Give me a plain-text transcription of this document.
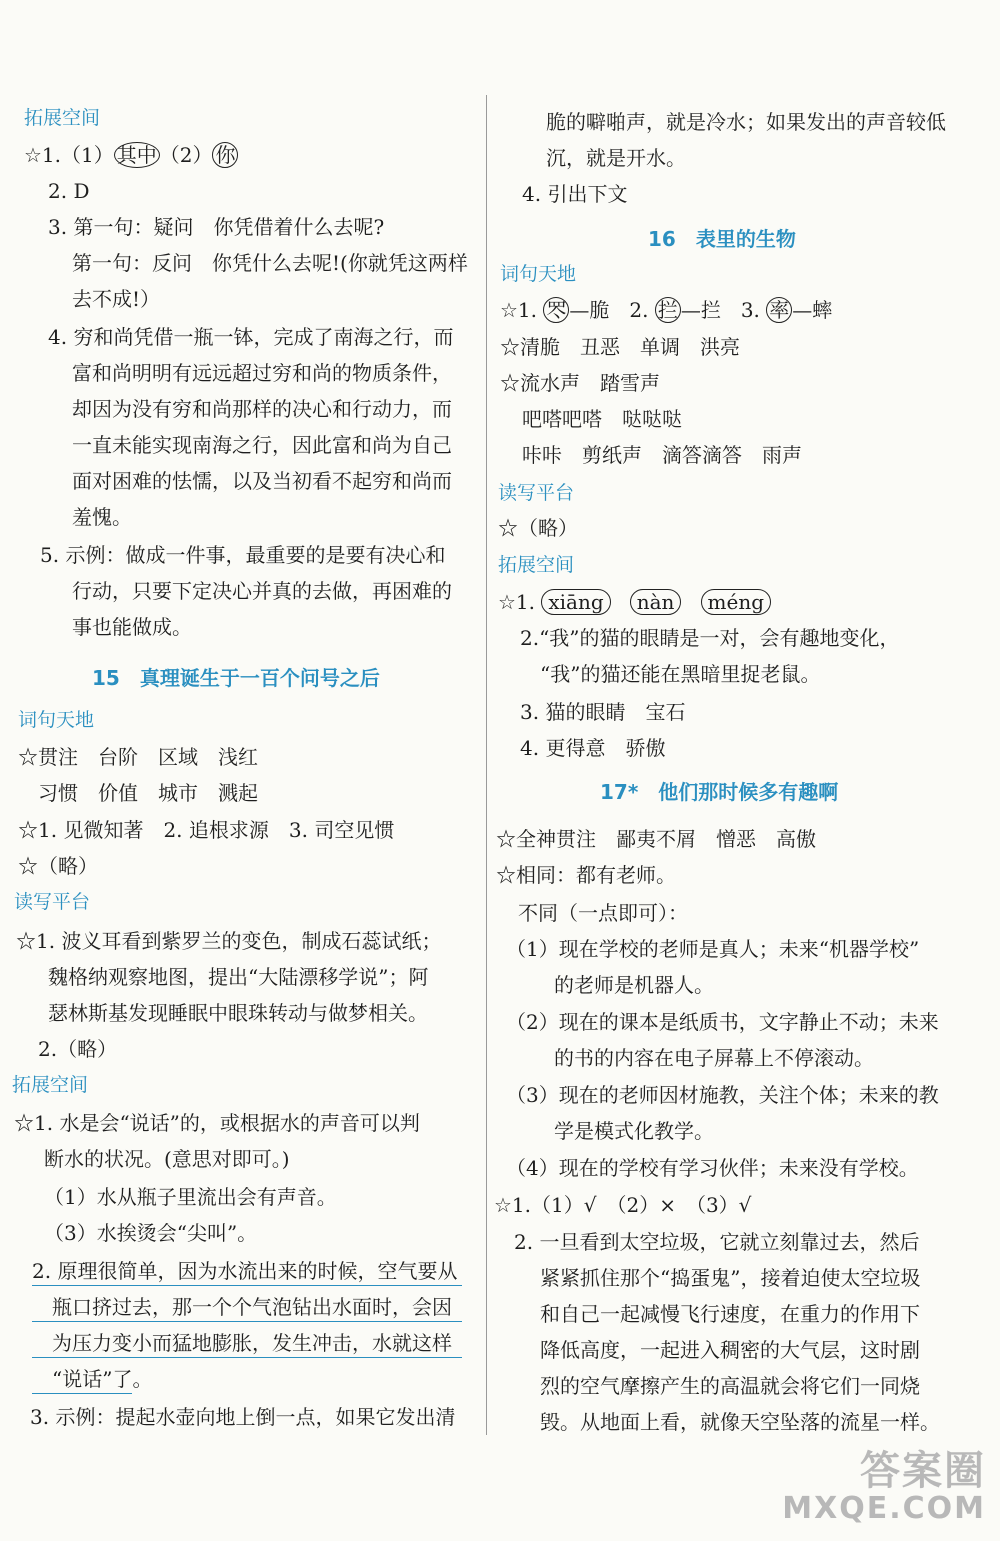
拓展空间
☆1.（1） 其中 （2） 你
2. D
3. 第一句：疑问　你凭借着什么去呢?
第一句：反问　你凭什么去呢!(你就凭这两样
去不成!）
4. 穷和尚凭借一瓶一钵，完成了南海之行，而
富和尚明明有远远超过穷和尚的物质条件，
却因为没有穷和尚那样的决心和行动力，而
一直未能实现南海之行，因此富和尚为自己
面对困难的怯懦，以及当初看不起穷和尚而
羞愧。
5. 示例：做成一件事，最重要的是要有决心和
行动，只要下定决心并真的去做，再困难的
事也能做成。
15　真理诞生于一百个问号之后
词句天地
☆贯注　台阶　区域　浅红
习惯　价值　城市　溅起
☆1. 见微知著　2. 追根求源　3. 司空见惯
☆（略）
读写平台
☆1. 波义耳看到紫罗兰的变色，制成石蕊试纸；
魏格纳观察地图，提出“大陆漂移学说”；阿
瑟林斯基发现睡眠中眼珠转动与做梦相关。
2.（略）
拓展空间
☆1. 水是会“说话”的，或根据水的声音可以判
断水的状况。(意思对即可。)
（1）水从瓶子里流出会有声音。
（3）水挨烫会“尖叫”。
2. 原理很简单，因为水流出来的时候，空气要从
瓶口挤过去，那一个个气泡钻出水面时，会因
为压力变小而猛地膨胀，发生冲击，水就这样
“说话”了。
3. 示例：提起水壶向地上倒一点，如果它发出清
脆的噼啪声，就是冷水；如果发出的声音较低
沉，就是开水。
4. 引出下文
16　表里的生物
词句天地
☆1. 罖 —脆　2. 拦 —拦　3. 率 —蟀
☆清脆　丑恶　单调　洪亮
☆流水声　踏雪声
吧嗒吧嗒　哒哒哒
咔咔　剪纸声　滴答滴答　雨声
读写平台
☆（略）
拓展空间
☆1. xiāng nàn méng
2.“我”的猫的眼睛是一对，会有趣地变化，
“我”的猫还能在黑暗里捉老鼠。
3. 猫的眼睛　宝石
4. 更得意　骄傲
17*　他们那时候多有趣啊
☆全神贯注　鄙夷不屑　憎恶　高傲
☆相同：都有老师。
不同（一点即可）：
（1）现在学校的老师是真人；未来“机器学校”
的老师是机器人。
（2）现在的课本是纸质书，文字静止不动；未来
的书的内容在电子屏幕上不停滚动。
（3）现在的老师因材施教，关注个体；未来的教
学是模式化教学。
（4）现在的学校有学习伙伴；未来没有学校。
☆1.（1）√　（2）×　（3）√
2. 一旦看到太空垃圾，它就立刻靠过去，然后
紧紧抓住那个“捣蛋鬼”，接着迫使太空垃圾
和自己一起减慢飞行速度，在重力的作用下
降低高度，一起进入稠密的大气层，这时剧
烈的空气摩擦产生的高温就会将它们一同烧
毁。从地面上看，就像天空坠落的流星一样。
答案圈
MXQE.COM
